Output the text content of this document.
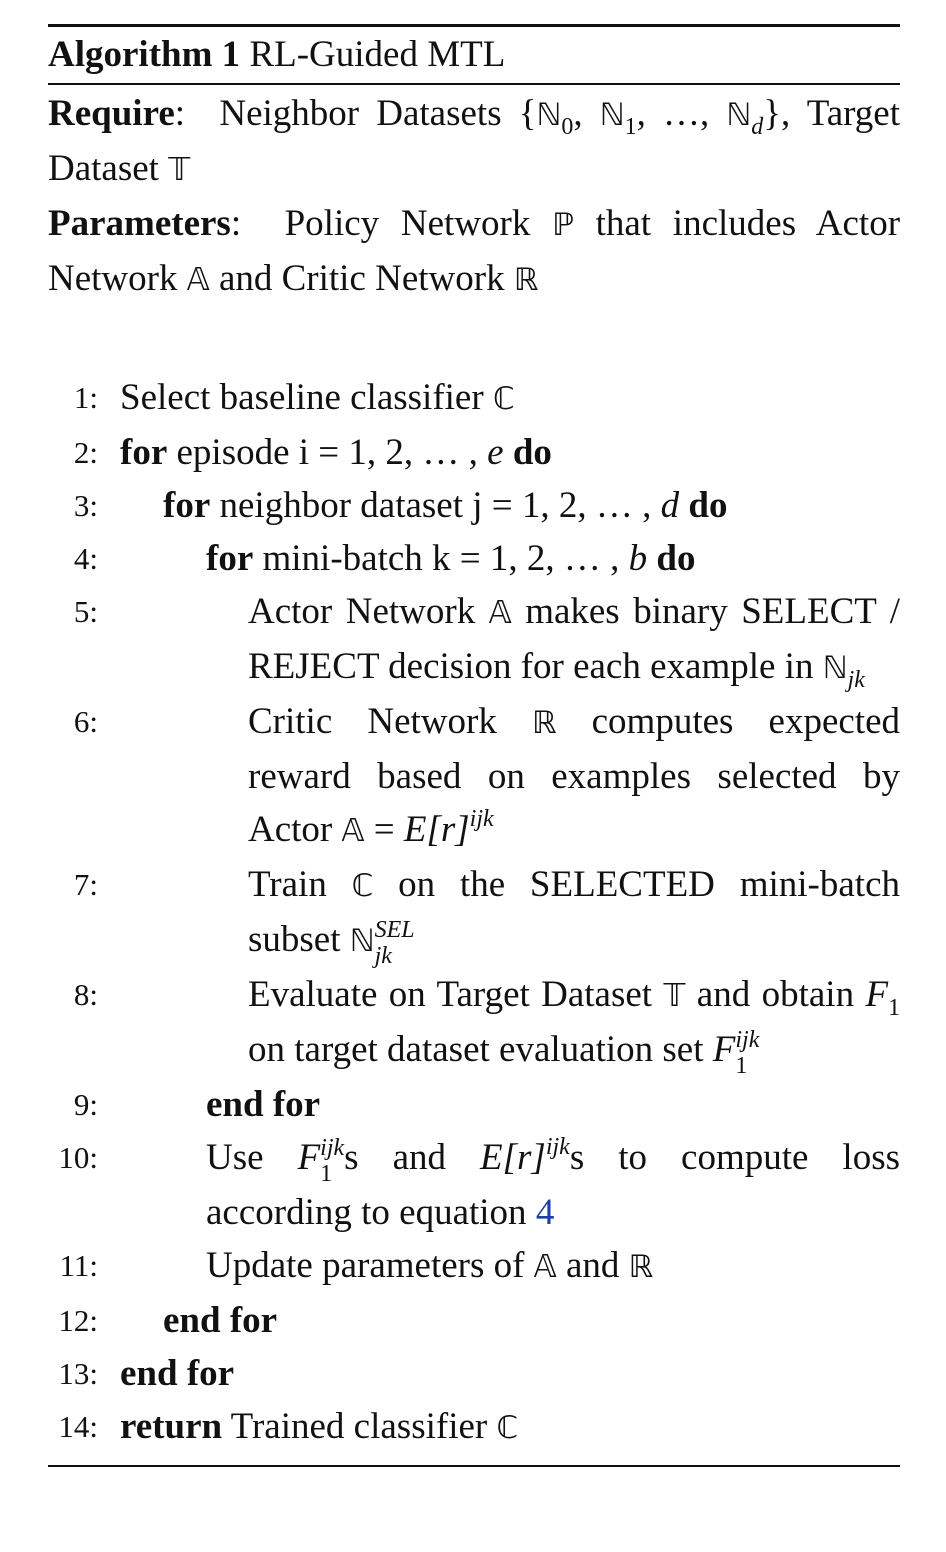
Algorithm 1 RL-Guided MTL
Require:  Neighbor Datasets {ℕ$_0$, ℕ$_1$, …, ℕ$_d$}, Target Dataset 𝕋
Parameters:  Policy Network ℙ that includes Actor Network 𝔸 and Critic Network ℝ
1: Select baseline classifier ℂ
2: for episode i = 1, 2, … , e do
3: for neighbor dataset j = 1, 2, … , d do
4:	for mini-batch k = 1, 2, … , b do
5:	Actor Network 𝔸 makes binary SELECT / REJECT decision for each example in ℕ$_{jk}$
6:	Critic Network ℝ computes expected reward based on examples selected by Actor 𝔸 = $E[r]^{ijk}$
7:	Train ℂ on the SELECTED mini-batch subset ℕ SEL
jk
8:	Evaluate on Target Dataset 𝕋 and obtain $F_1$ on target dataset evaluation set F ijk
1
9:	end for
10:	Use F ijk
1 s and $E[r]^{ijk}s$ to compute loss according to equation 4
11:	Update parameters of 𝔸 and ℝ
12: end for
13: end for
14: return Trained classifier ℂ
